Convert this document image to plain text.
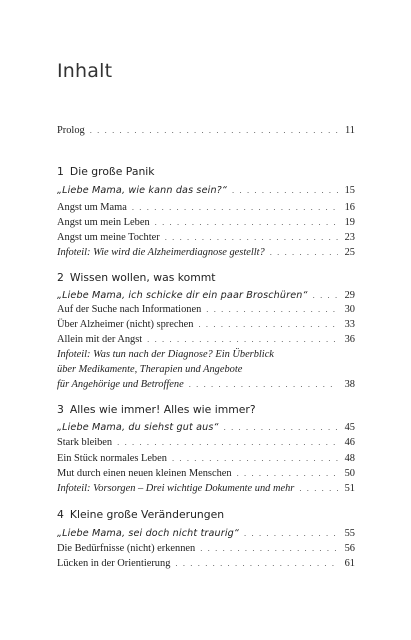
Inhalt
Prolog . . .	11
1 Die große Panik
„Liebe Mama, wie kann das sein?“ . . .	15
Angst um Mama . . .	16
Angst um mein Leben . . .	19
Angst um meine Tochter . . .	23
Infoteil: Wie wird die Alzheimerdiagnose gestellt? . . .	25
2 Wissen wollen, was kommt
„Liebe Mama, ich schicke dir ein paar Broschüren“ . . .	29
Auf der Suche nach Informationen . . .	30
Über Alzheimer (nicht) sprechen . . .	33
Allein mit der Angst . . .	36
Infoteil: Was tun nach der Diagnose? Ein Überblick
über Medikamente, Therapien und Angebote
für Angehörige und Betroffene . . .	38
3 Alles wie immer! Alles wie immer?
„Liebe Mama, du siehst gut aus“ . . .	45
Stark bleiben . . .	46
Ein Stück normales Leben . . .	48
Mut durch einen neuen kleinen Menschen . . .	50
Infoteil: Vorsorgen – Drei wichtige Dokumente und mehr . . .	51
4 Kleine große Veränderungen
„Liebe Mama, sei doch nicht traurig“ . . .	55
Die Bedürfnisse (nicht) erkennen . . .	56
Lücken in der Orientierung . . .	61
